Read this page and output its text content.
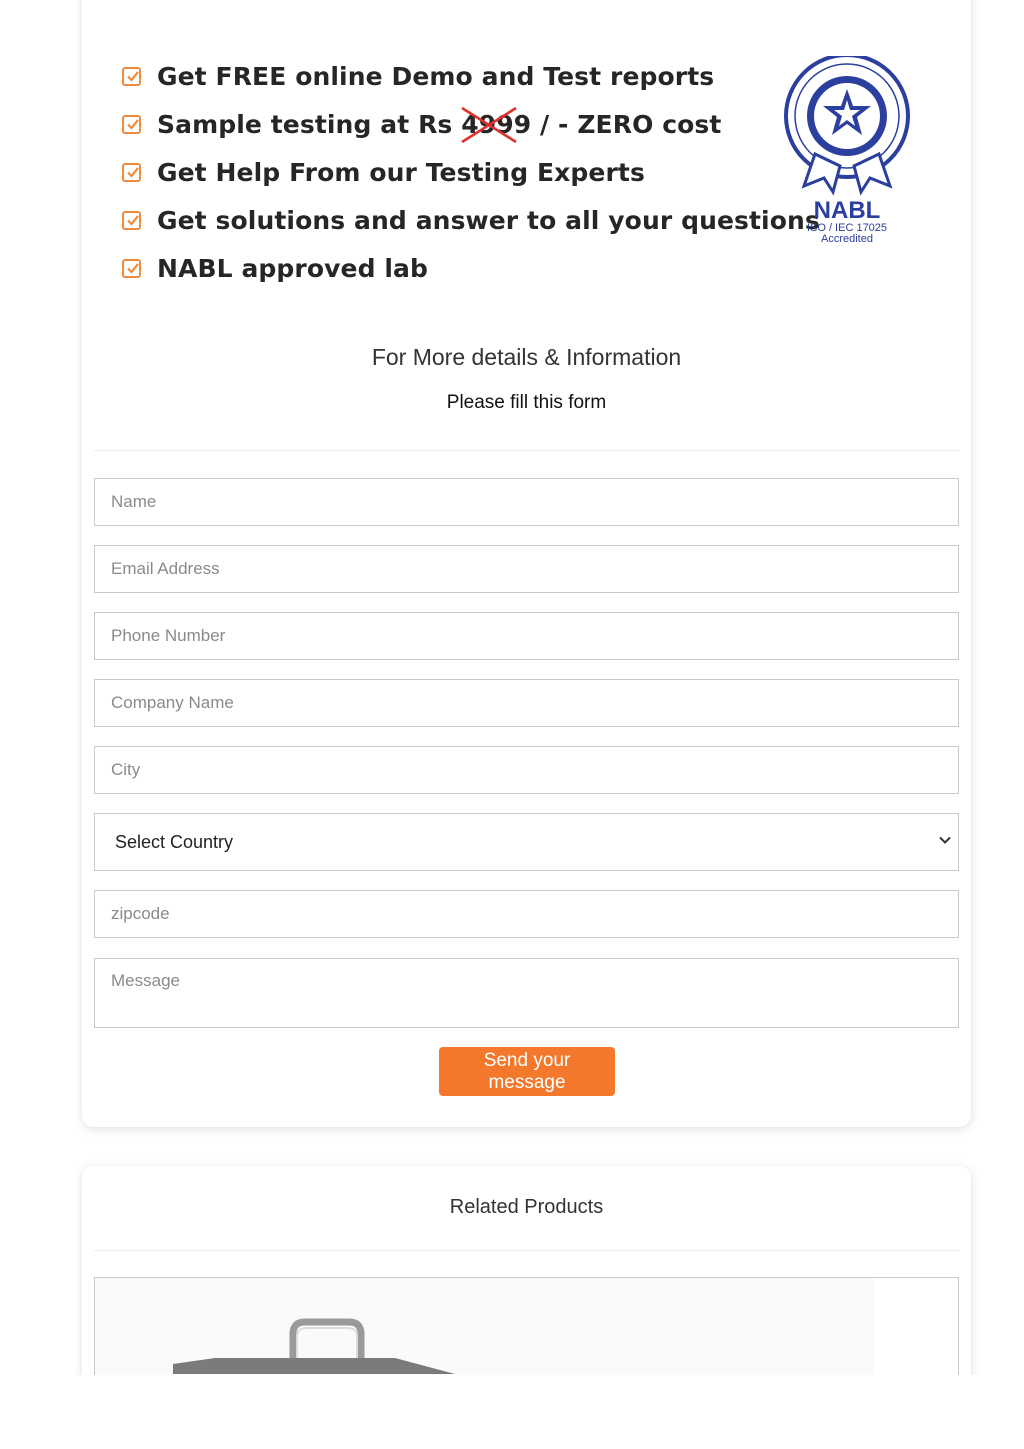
Get FREE online Demo and Test reports
Sample testing at Rs 4999
/ - ZERO cost
Get Help From our Testing Experts
Get solutions and answer to all your questions
NABL approved lab
NABL
ISO / IEC 17025
Accredited
For More details & Information
Please fill this form
Name
Email Address
Phone Number
Company Name
City
Select Country
zipcode
Message
Send your message
Related Products
